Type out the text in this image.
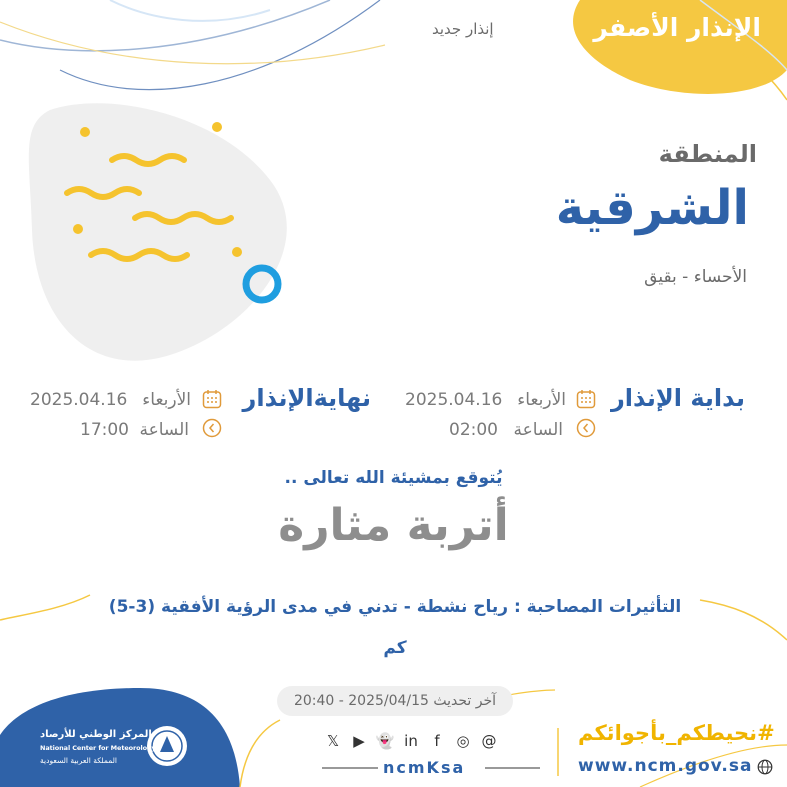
الإنذار الأصفر
إنذار جديد
المنطقة
الشرقية
الأحساء - بقيق
بداية الإنذار
الأربعاء
2025.04.16
الساعة
02:00
نهايةالإنذار
الأربعاء
2025.04.16
الساعة
17:00
يُتوقع بمشيئة الله تعالى ..
أتربة مثارة
التأثيرات المصاحبة : رياح نشطة - تدني في مدى الرؤية الأفقية (3-5) كم
آخر تحديث 2025/04/15 - 20:40
المركز الوطني للأرصاد
National Center for Meteorology
المملكة العربية السعودية
𝕏 ▶ 👻 in	f	◎ @
ncmKsa
#نحيطكم_بأجوائكم
www.ncm.gov.sa
